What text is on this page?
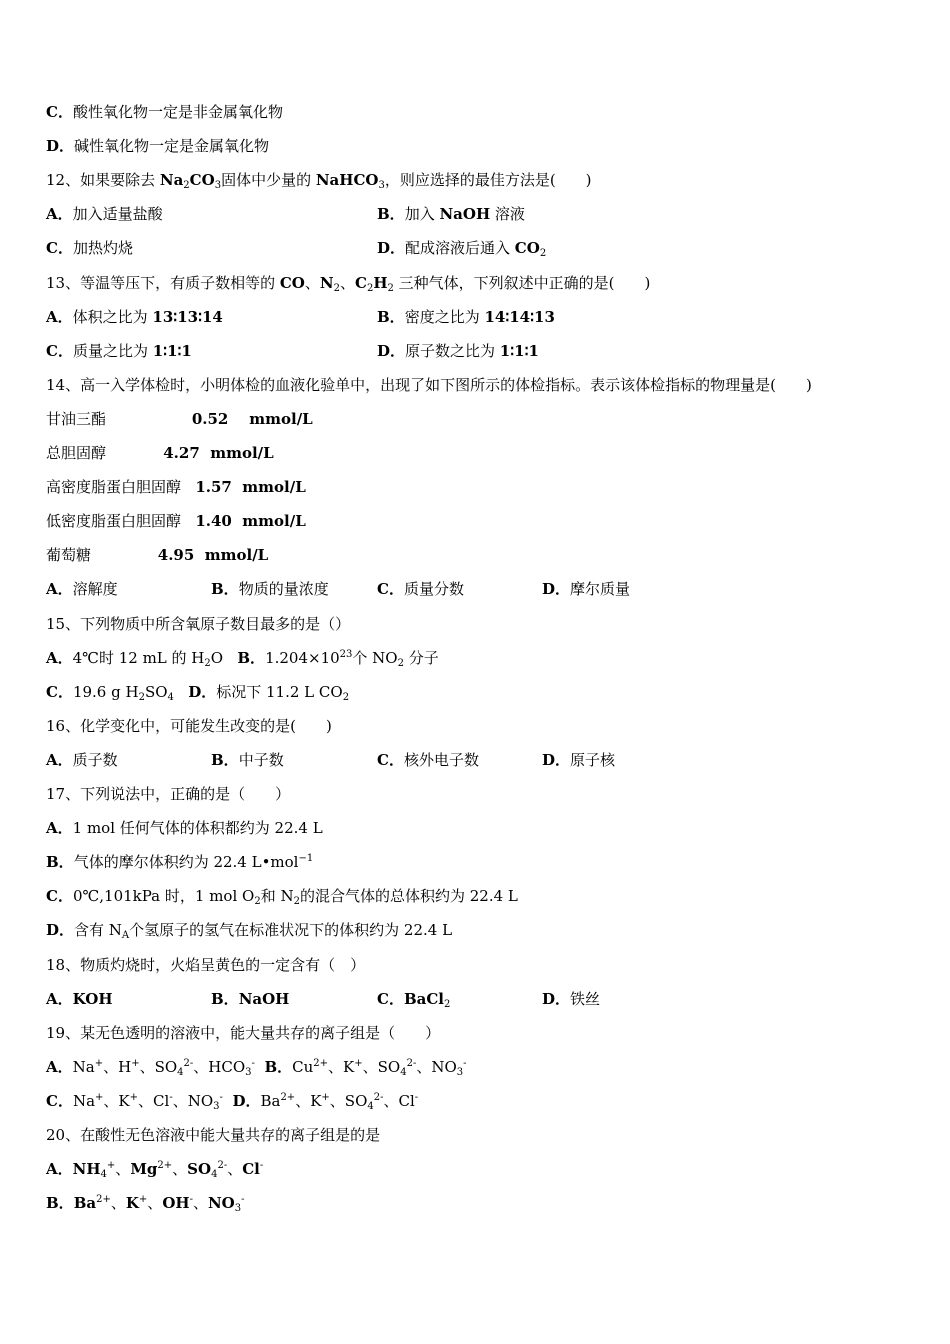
C．酸性氧化物一定是非金属氧化物
D．碱性氧化物一定是金属氧化物
12、如果要除去 $Na_2CO_3$固体中少量的 NaHCO$_3$，则应选择的最佳方法是(　　)
A．加入适量盐酸	B．加入 NaOH 溶液
C．加热灼烧	D．配成溶液后通入 $CO_2$
13、等温等压下，有质子数相等的 CO、$N_2$、$C_2H_2$ 三种气体，下列叙述中正确的是(　　)
A．体积之比为 13∶13∶14	B．密度之比为 14∶14∶13
C．质量之比为 1∶1∶1	D．原子数之比为 1∶1∶1
14、高一入学体检时，小明体检的血液化验单中，出现了如下图所示的体检指标。表示该体检指标的物理量是(　　)
甘油三酯                  0.52    mmol/L
总胆固醇            4.27  mmol/L
高密度脂蛋白胆固醇   1.57  mmol/L
低密度脂蛋白胆固醇   1.40  mmol/L
葡萄糖              4.95  mmol/L
A．溶解度	B．物质的量浓度	C．质量分数	D．摩尔质量
15、下列物质中所含氧原子数目最多的是（）
A．4℃时 12 mL 的 $H_2O$   B．$1.204\times 10^{23}$个 $NO_2$ 分子
C．19.6 g $H_2SO_4$ D．标况下 11.2 L $CO_2$
16、化学变化中，可能发生改变的是(　　)
A．质子数	B．中子数	C．核外电子数	D．原子核
17、下列说法中，正确的是（　　）
A．1 mol 任何气体的体积都约为 22.4 L
B．气体的摩尔体积约为 22.4 L•mol$^{-1}$
C．0℃,101kPa 时，1 mol $O_2$和 $N_2$的混合气体的总体积约为 22.4 L
D．含有 $N_A$个氢原子的氢气在标准状况下的体积约为 22.4 L
18、物质灼烧时，火焰呈黄色的一定含有（　）
A．KOH	B．NaOH	C．BaCl$_2$	D．铁丝
19、某无色透明的溶液中，能大量共存的离子组是（　　）
A．Na+、H+、$SO_4^{2-}$、$HCO_3^-$ B．$Cu^{2+}$、K+、$SO_4^{2-}$、$NO_3^-$
C．Na+、K+、Cl-、$NO_3^-$ D．$Ba^{2+}$、K+、$SO_4^{2-}$、Cl-
20、在酸性无色溶液中能大量共存的离子组是的是
A．$NH_4^+$、$Mg^{2+}$、$SO_4^{2-}$、Cl-
B．$Ba^{2+}$、K+、OH-、$NO_3^-$
